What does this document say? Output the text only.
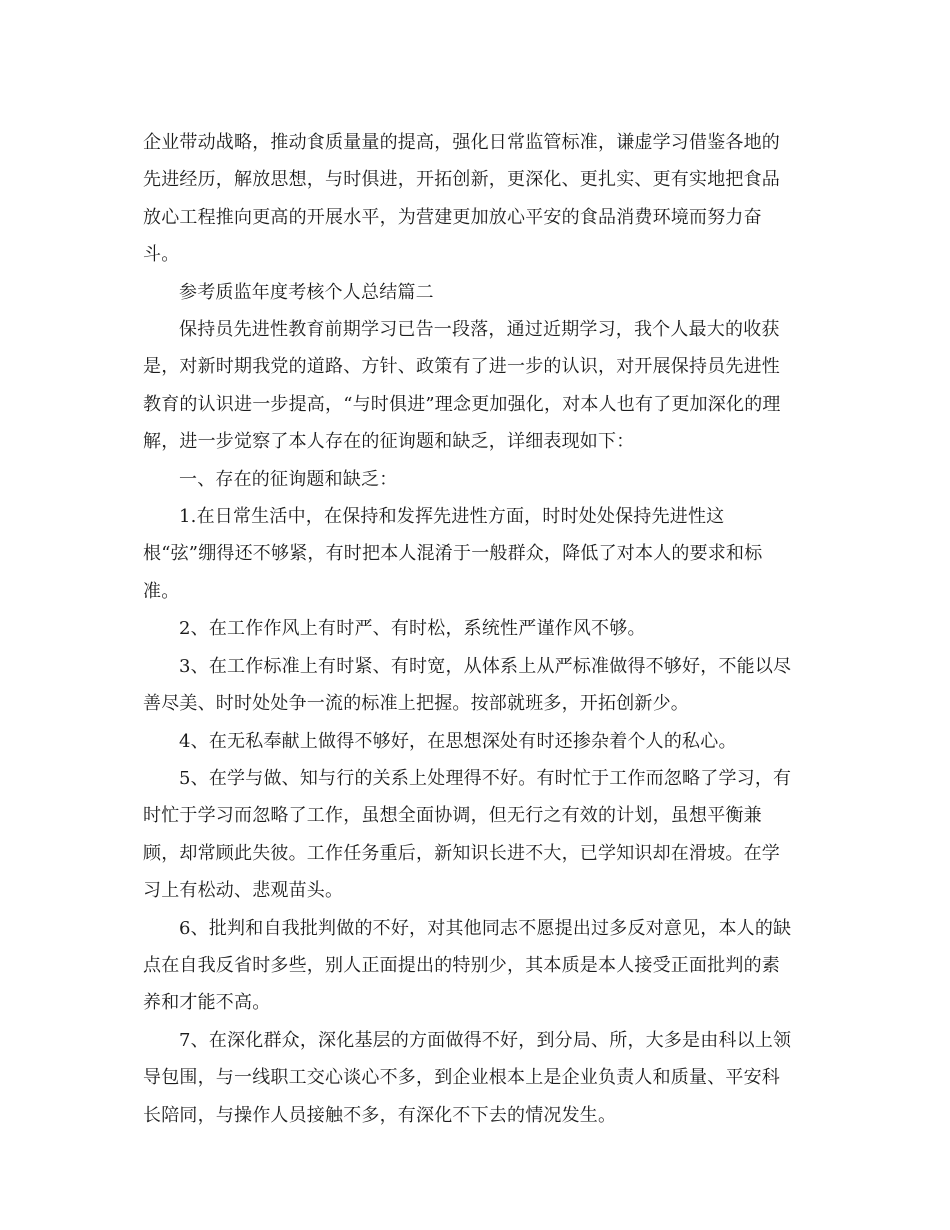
企业带动战略，推动食质量量的提高，强化日常监管标准，谦虚学习借鉴各地的
先进经历，解放思想，与时俱进，开拓创新，更深化、更扎实、更有实地把食品
放心工程推向更高的开展水平，为营建更加放心平安的食品消费环境而努力奋
斗。

参考质监年度考核个人总结篇二

保持员先进性教育前期学习已告一段落，通过近期学习，我个人最大的收获
是，对新时期我党的道路、方针、政策有了进一步的认识，对开展保持员先进性
教育的认识进一步提高，“与时俱进”理念更加强化，对本人也有了更加深化的理
解，进一步觉察了本人存在的征询题和缺乏，详细表现如下：

一、存在的征询题和缺乏：

1.在日常生活中，在保持和发挥先进性方面，时时处处保持先进性这
根“弦”绷得还不够紧，有时把本人混淆于一般群众，降低了对本人的要求和标
准。

2、在工作作风上有时严、有时松，系统性严谨作风不够。

3、在工作标准上有时紧、有时宽，从体系上从严标准做得不够好，不能以尽
善尽美、时时处处争一流的标准上把握。按部就班多，开拓创新少。

4、在无私奉献上做得不够好，在思想深处有时还掺杂着个人的私心。

5、在学与做、知与行的关系上处理得不好。有时忙于工作而忽略了学习，有
时忙于学习而忽略了工作，虽想全面协调，但无行之有效的计划，虽想平衡兼
顾，却常顾此失彼。工作任务重后，新知识长进不大，已学知识却在滑坡。在学
习上有松动、悲观苗头。

6、批判和自我批判做的不好，对其他同志不愿提出过多反对意见，本人的缺
点在自我反省时多些，别人正面提出的特别少，其本质是本人接受正面批判的素
养和才能不高。

7、在深化群众，深化基层的方面做得不好，到分局、所，大多是由科以上领
导包围，与一线职工交心谈心不多，到企业根本上是企业负责人和质量、平安科
长陪同，与操作人员接触不多，有深化不下去的情况发生。
